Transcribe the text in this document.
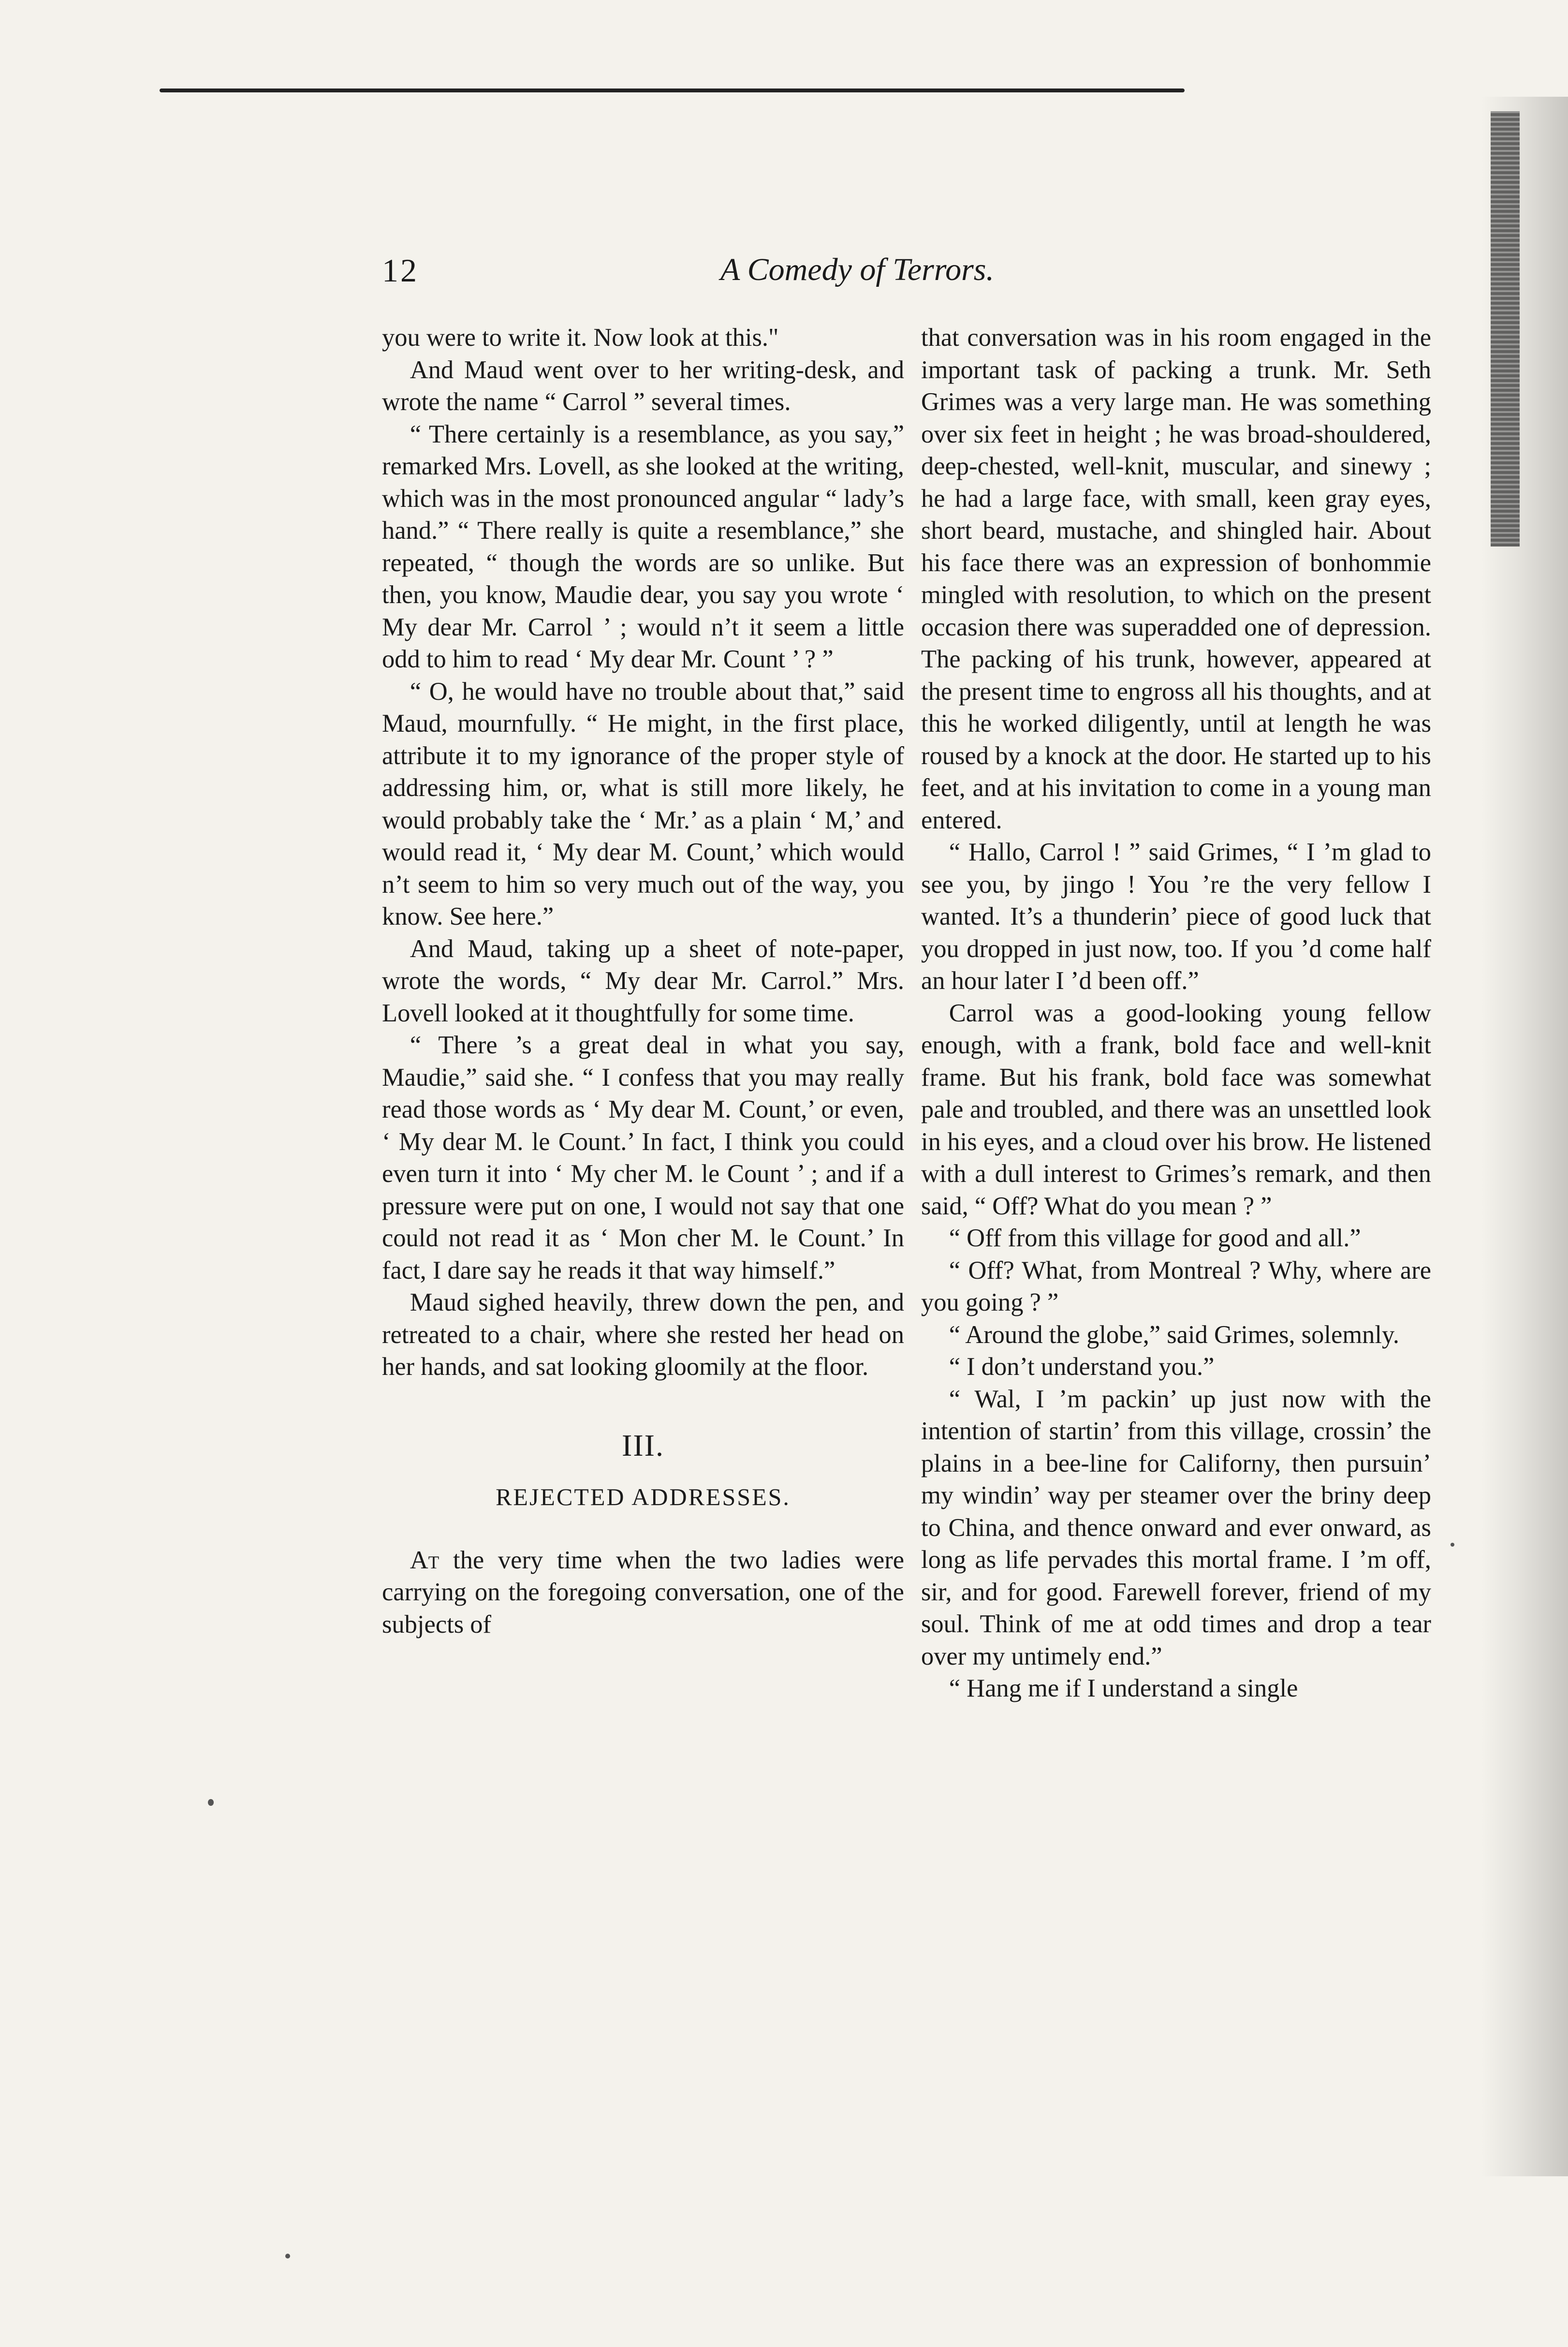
12	A Comedy of Terrors.

you were to write it. Now look at this."

And Maud went over to her writing-desk, and wrote the name “ Carrol ” several times.

“ There certainly is a resemblance, as you say,” remarked Mrs. Lovell, as she looked at the writing, which was in the most pronounced angular “ lady’s hand.” “ There really is quite a resemblance,” she repeated, “ though the words are so unlike. But then, you know, Maudie dear, you say you wrote ‘ My dear Mr. Carrol ’ ; would n’t it seem a little odd to him to read ‘ My dear Mr. Count ’ ? ”

“ O, he would have no trouble about that,” said Maud, mournfully. “ He might, in the first place, attribute it to my ignorance of the proper style of addressing him, or, what is still more likely, he would probably take the ‘ Mr.’ as a plain ‘ M,’ and would read it, ‘ My dear M. Count,’ which would n’t seem to him so very much out of the way, you know. See here.”

And Maud, taking up a sheet of note-paper, wrote the words, “ My dear Mr. Carrol.” Mrs. Lovell looked at it thoughtfully for some time.

“ There ’s a great deal in what you say, Maudie,” said she. “ I confess that you may really read those words as ‘ My dear M. Count,’ or even, ‘ My dear M. le Count.’ In fact, I think you could even turn it into ‘ My cher M. le Count ’ ; and if a pressure were put on one, I would not say that one could not read it as ‘ Mon cher M. le Count.’ In fact, I dare say he reads it that way himself.”

Maud sighed heavily, threw down the pen, and retreated to a chair, where she rested her head on her hands, and sat looking gloomily at the floor.

III.
REJECTED ADDRESSES.

At the very time when the two ladies were carrying on the foregoing conversation, one of the subjects of

that conversation was in his room engaged in the important task of packing a trunk. Mr. Seth Grimes was a very large man. He was something over six feet in height ; he was broad-shouldered, deep-chested, well-knit, muscular, and sinewy ; he had a large face, with small, keen gray eyes, short beard, mustache, and shingled hair. About his face there was an expression of bonhommie mingled with resolution, to which on the present occasion there was superadded one of depression. The packing of his trunk, however, appeared at the present time to engross all his thoughts, and at this he worked diligently, until at length he was roused by a knock at the door. He started up to his feet, and at his invitation to come in a young man entered.

“ Hallo, Carrol ! ” said Grimes, “ I ’m glad to see you, by jingo ! You ’re the very fellow I wanted. It’s a thunderin’ piece of good luck that you dropped in just now, too. If you ’d come half an hour later I ’d been off.”

Carrol was a good-looking young fellow enough, with a frank, bold face and well-knit frame. But his frank, bold face was somewhat pale and troubled, and there was an unsettled look in his eyes, and a cloud over his brow. He listened with a dull interest to Grimes’s remark, and then said, “ Off? What do you mean ? ”

“ Off from this village for good and all.”

“ Off? What, from Montreal ? Why, where are you going ? ”

“ Around the globe,” said Grimes, solemnly.

“ I don’t understand you.”

“ Wal, I ’m packin’ up just now with the intention of startin’ from this village, crossin’ the plains in a bee-line for Californy, then pursuin’ my windin’ way per steamer over the briny deep to China, and thence onward and ever onward, as long as life pervades this mortal frame. I ’m off, sir, and for good. Farewell forever, friend of my soul. Think of me at odd times and drop a tear over my untimely end.”

“ Hang me if I understand a single
